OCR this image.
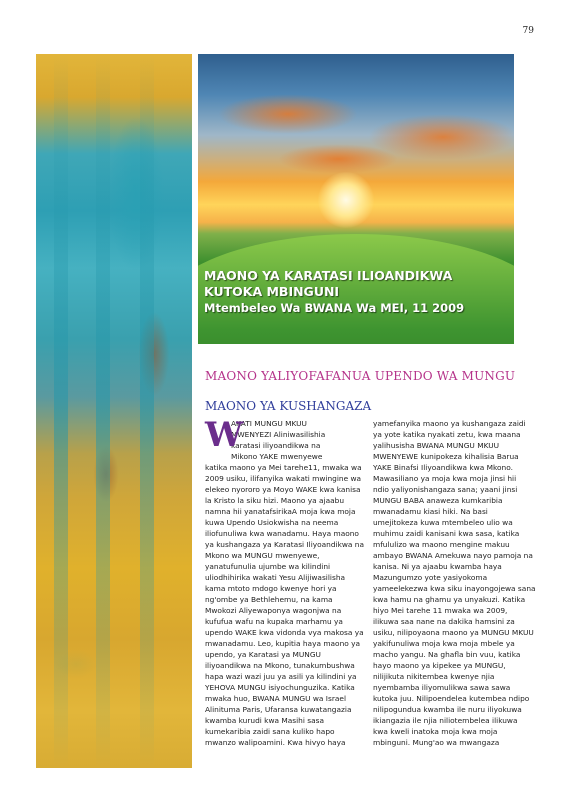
79
MAONO YA KARATASI ILIOANDIKWA
KUTOKA MBINGUNI
Mtembeleo Wa BWANA Wa MEI, 11 2009
MAONO YALIYOFAFANUA UPENDO WA MUNGU
MAONO YA KUSHANGAZA
W
AKATI MUNGU MKUU
MWENYEZI Aliniwasilishia
karatasi iliyoandikwa na
Mikono YAKE mwenyewe
katika maono ya Mei tarehe11, mwaka wa
2009 usiku, ilifanyika wakati mwingine wa
elekeo nyororo ya Moyo WAKE kwa kanisa
la Kristo la siku hizi. Maono ya ajaabu
namna hii yanatafsirikaA moja kwa moja
kuwa Upendo Usiokwisha na neema
iliofunuliwa kwa wanadamu. Haya maono
ya kushangaza ya Karatasi Iliyoandikwa na
Mkono wa MUNGU mwenyewe,
yanatufunulia ujumbe wa kilindini
uliodhihirika wakati Yesu Alijiwasilisha
kama mtoto mdogo kwenye hori ya
ng'ombe ya Bethlehemu, na kama
Mwokozi Aliyewaponya wagonjwa na
kufufua wafu na kupaka marhamu ya
upendo WAKE kwa vidonda vya makosa ya
mwanadamu. Leo, kupitia haya maono ya
upendo, ya Karatasi ya MUNGU
iliyoandikwa na Mkono, tunakumbushwa
hapa wazi wazi juu ya asili ya kilindini ya
YEHOVA MUNGU isiyochunguzika. Katika
mwaka huo, BWANA MUNGU wa Israel
Alinituma Paris, Ufaransa kuwatangazia
kwamba kurudi kwa Masihi sasa
kumekaribia zaidi sana kuliko hapo
mwanzo walipoamini. Kwa hivyo haya
yamefanyika maono ya kushangaza zaidi
ya yote katika nyakati zetu, kwa maana
yalihusisha BWANA MUNGU MKUU
MWENYEWE kunipokeza kihalisia Barua
YAKE Binafsi Iliyoandikwa kwa Mkono.
Mawasiliano ya moja kwa moja jinsi hii
ndio yaliyonishangaza sana; yaani jinsi
MUNGU BABA anaweza kumkaribia
mwanadamu kiasi hiki. Na basi
umejitokeza kuwa mtembeleo ulio wa
muhimu zaidi kanisani kwa sasa, katika
mfululizo wa maono mengine makuu
ambayo BWANA Amekuwa nayo pamoja na
kanisa. Ni ya ajaabu kwamba haya
Mazungumzo yote yasiyokoma
yameelekezwa kwa siku inayongojewa sana
kwa hamu na ghamu ya unyakuzi. Katika
hiyo Mei tarehe 11 mwaka wa 2009,
ilikuwa saa nane na dakika hamsini za
usiku, nilipoyaona maono ya MUNGU MKUU
yakifunuliwa moja kwa moja mbele ya
macho yangu. Na ghafla bin vuu, katika
hayo maono ya kipekee ya MUNGU,
nilijikuta nikitembea kwenye njia
nyembamba iliyomulikwa sawa sawa
kutoka juu. Nilipoendelea kutembea ndipo
nilipogundua kwamba ile nuru iliyokuwa
ikiangazia ile njia niliotembelea ilikuwa
kwa kweli inatoka moja kwa moja
mbinguni. Mung'ao wa mwangaza
